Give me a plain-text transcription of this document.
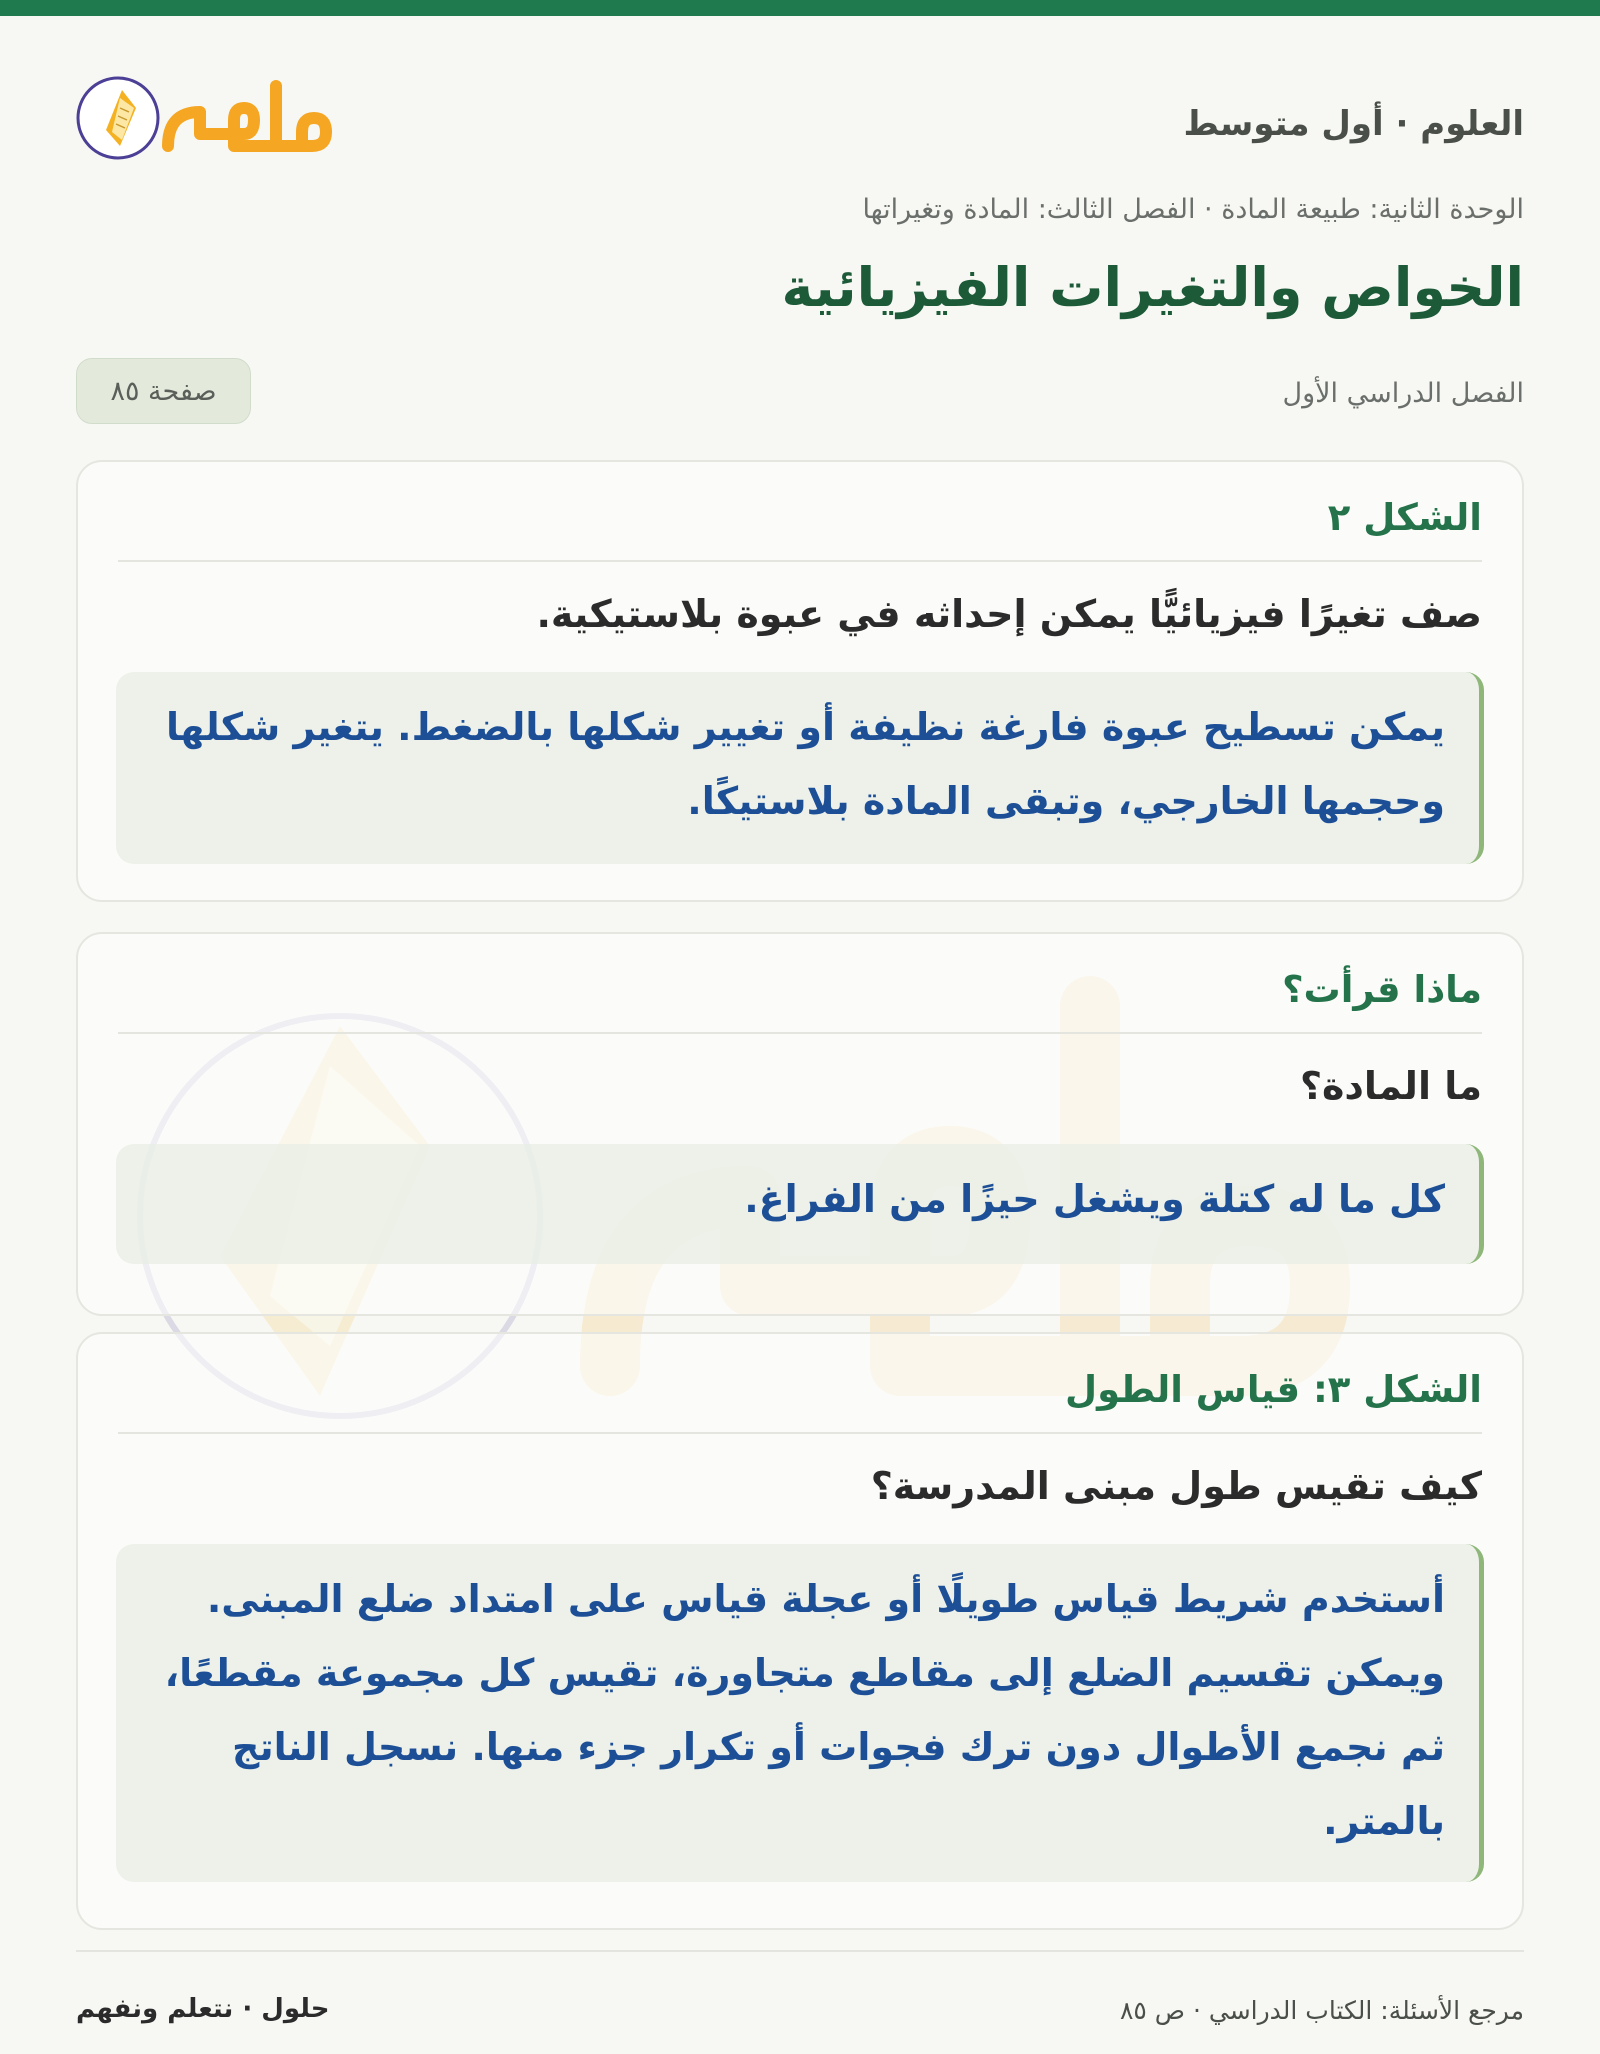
العلوم · أول متوسط
حلول
الوحدة الثانية: طبيعة المادة · الفصل الثالث: المادة وتغيراتها
الخواص والتغيرات الفيزيائية
الفصل الدراسي الأول
صفحة ٨٥
الشكل ٢
صف تغيرًا فيزيائيًّا يمكن إحداثه في عبوة بلاستيكية.
يمكن تسطيح عبوة فارغة نظيفة أو تغيير شكلها بالضغط. يتغير شكلها وحجمها الخارجي، وتبقى المادة بلاستيكًا.
ماذا قرأت؟
ما المادة؟
كل ما له كتلة ويشغل حيزًا من الفراغ.
الشكل ٣: قياس الطول
كيف تقيس طول مبنى المدرسة؟
أستخدم شريط قياس طويلًا أو عجلة قياس على امتداد ضلع المبنى. ويمكن تقسيم الضلع إلى مقاطع متجاورة، تقيس كل مجموعة مقطعًا، ثم نجمع الأطوال دون ترك فجوات أو تكرار جزء منها. نسجل الناتج بالمتر.
مرجع الأسئلة: الكتاب الدراسي · ص ٨٥
حلول · نتعلم ونفهم
